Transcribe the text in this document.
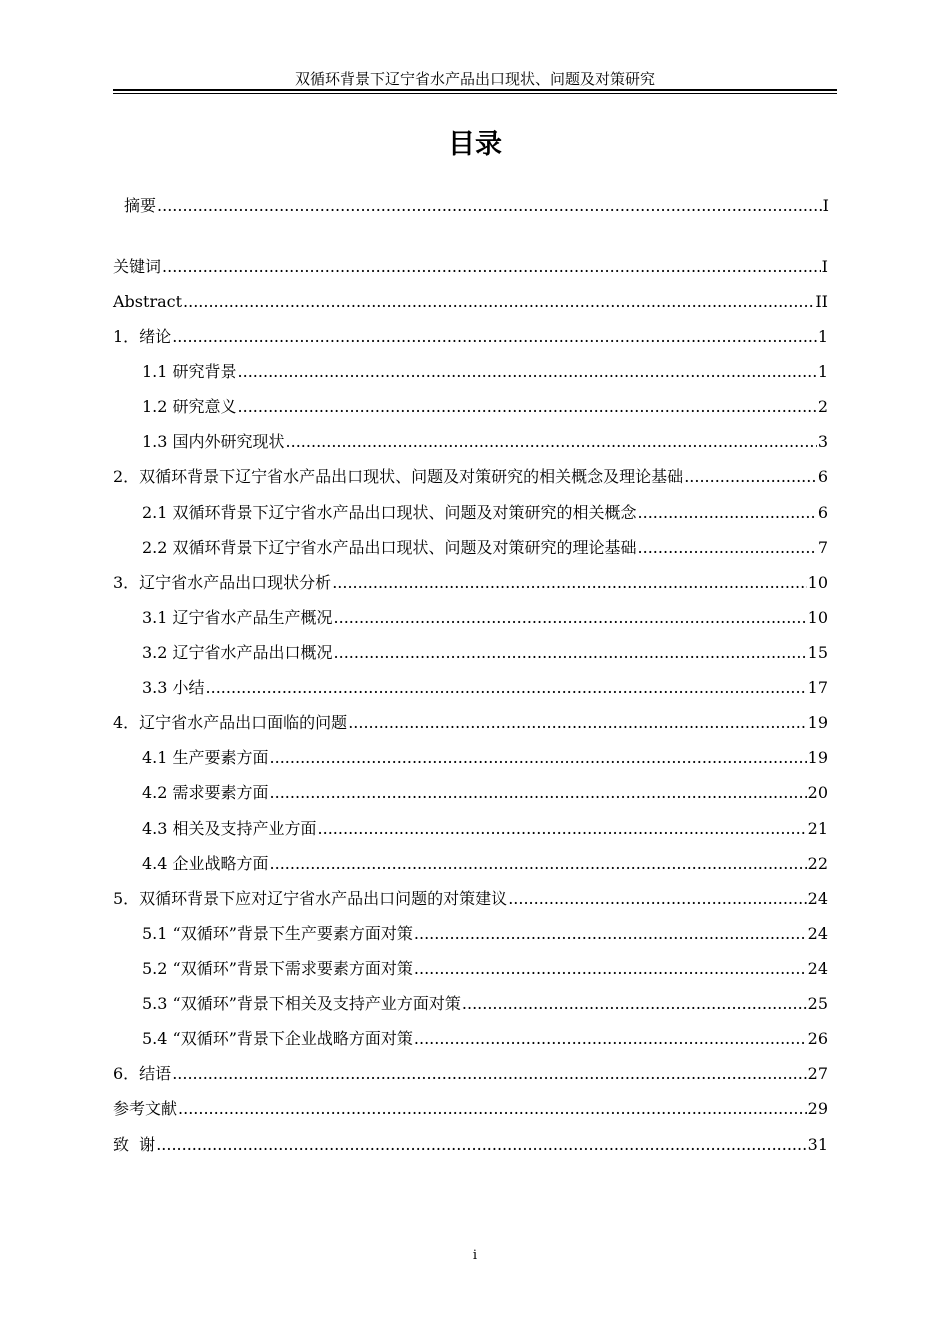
双循环背景下辽宁省水产品出口现状、问题及对策研究
目录
摘要 .....	I
关键词 .....	I
Abstract .....	II
1．绪论 .....	1
1.1 研究背景 .....	1
1.2 研究意义 .....	2
1.3 国内外研究现状 .....	3
2．双循环背景下辽宁省水产品出口现状、问题及对策研究的相关概念及理论基础 .....	6
2.1 双循环背景下辽宁省水产品出口现状、问题及对策研究的相关概念 .....	6
2.2 双循环背景下辽宁省水产品出口现状、问题及对策研究的理论基础 .....	7
3．辽宁省水产品出口现状分析 .....	10
3.1 辽宁省水产品生产概况 .....	10
3.2 辽宁省水产品出口概况 .....	15
3.3 小结 .....	17
4．辽宁省水产品出口面临的问题 .....	19
4.1 生产要素方面 .....	19
4.2 需求要素方面 .....	20
4.3 相关及支持产业方面 .....	21
4.4 企业战略方面 .....	22
5．双循环背景下应对辽宁省水产品出口问题的对策建议 .....	24
5.1 “双循环”背景下生产要素方面对策 .....	24
5.2 “双循环”背景下需求要素方面对策 .....	24
5.3 “双循环”背景下相关及支持产业方面对策 .....	25
5.4 “双循环”背景下企业战略方面对策 .....	26
6．结语 .....	27
参考文献 .....	29
致  谢 .....	31
i
